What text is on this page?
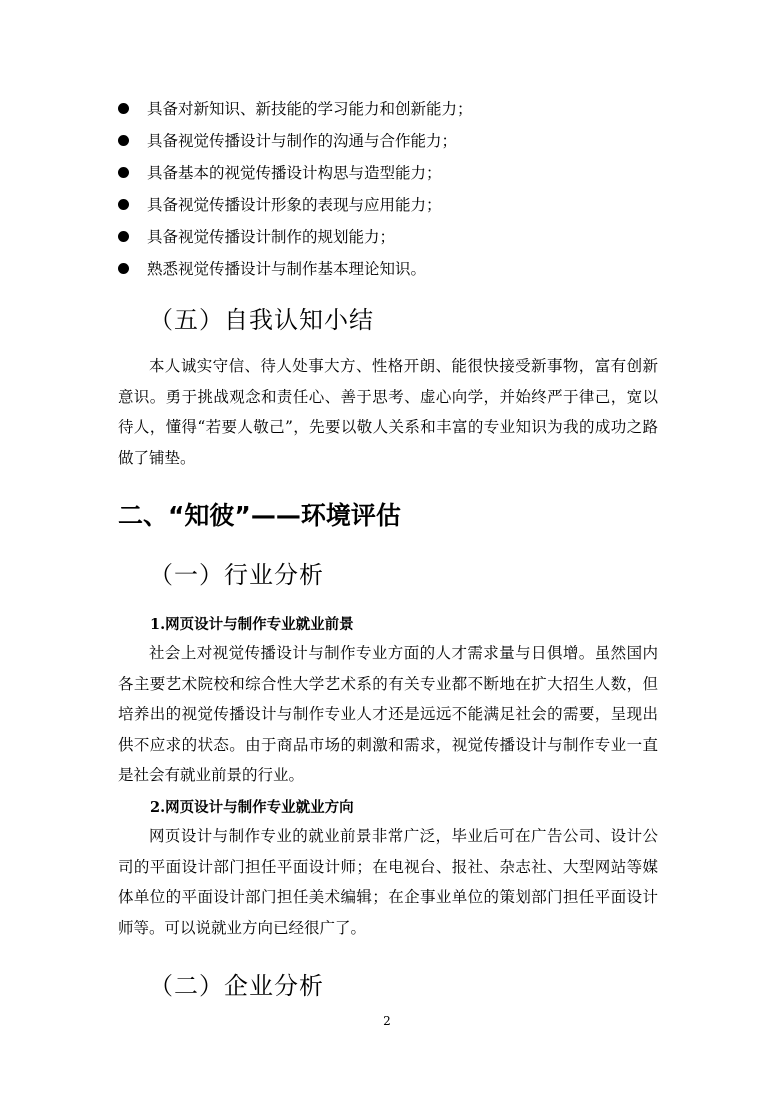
具备对新知识、新技能的学习能力和创新能力；
具备视觉传播设计与制作的沟通与合作能力；
具备基本的视觉传播设计构思与造型能力；
具备视觉传播设计形象的表现与应用能力；
具备视觉传播设计制作的规划能力；
熟悉视觉传播设计与制作基本理论知识。
（五）自我认知小结

本人诚实守信、待人处事大方、性格开朗、能很快接受新事物，富有创新意识。勇于挑战观念和责任心、善于思考、虚心向学，并始终严于律己，宽以待人，懂得“若要人敬己”，先要以敬人关系和丰富的专业知识为我的成功之路做了铺垫。

二、“知彼”——环境评估
（一）行业分析

1.网页设计与制作专业就业前景

社会上对视觉传播设计与制作专业方面的人才需求量与日俱增。虽然国内各主要艺术院校和综合性大学艺术系的有关专业都不断地在扩大招生人数，但培养出的视觉传播设计与制作专业人才还是远远不能满足社会的需要，呈现出供不应求的状态。由于商品市场的刺激和需求，视觉传播设计与制作专业一直是社会有就业前景的行业。

2.网页设计与制作专业就业方向

网页设计与制作专业的就业前景非常广泛，毕业后可在广告公司、设计公司的平面设计部门担任平面设计师；在电视台、报社、杂志社、大型网站等媒体单位的平面设计部门担任美术编辑；在企事业单位的策划部门担任平面设计师等。可以说就业方向已经很广了。

（二）企业分析
2
